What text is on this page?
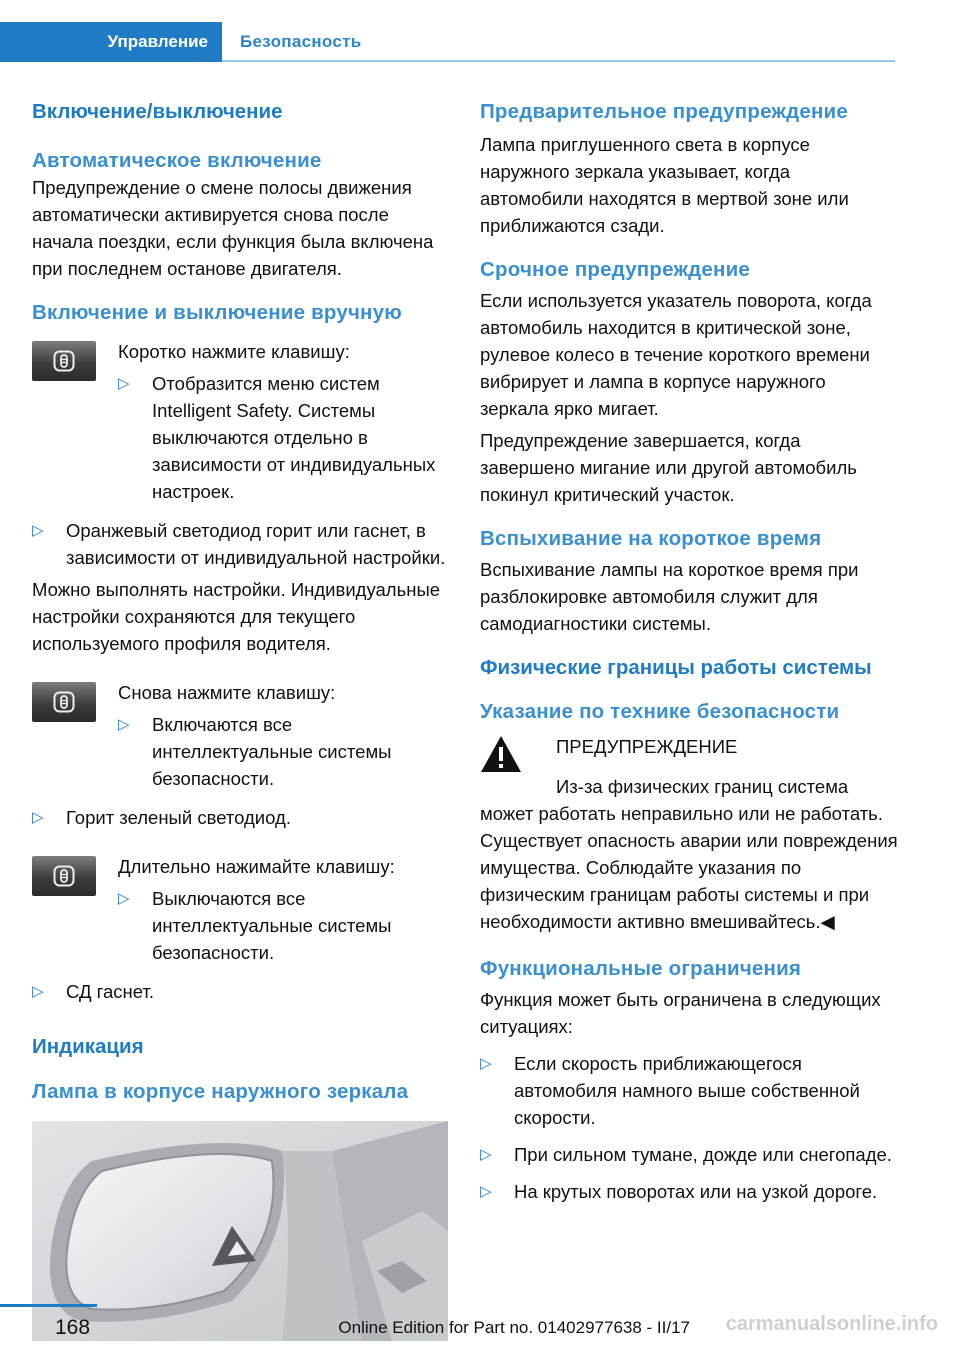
Управление Безопасность
Включение/выключение
Автоматическое включение

Предупреждение о смене полосы движения автоматически активируется снова после начала поездки, если функция была включена при последнем останове двигателя.

Включение и выключение вручную

Коротко нажмите клавишу:

▷	Отобразится меню систем Intelligent Safety. Системы выключаются отдельно в зависимости от индивидуальных настроек.

▷	Оранжевый светодиод горит или гаснет, в зависимости от индивидуальной настройки.

Можно выполнять настройки. Индивидуальные настройки сохраняются для текущего используемого профиля водителя.

Снова нажмите клавишу:

▷	Включаются все интеллектуальные системы безопасности.

▷	Горит зеленый светодиод.

Длительно нажимайте клавишу:

▷	Выключаются все интеллектуальные системы безопасности.

▷	СД гаснет.

Индикация
Лампа в корпусе наружного зеркала
Предварительное предупреждение

Лампа приглушенного света в корпусе наружного зеркала указывает, когда автомобили находятся в мертвой зоне или приближаются сзади.

Срочное предупреждение

Если используется указатель поворота, когда автомобиль находится в критической зоне, рулевое колесо в течение короткого времени вибрирует и лампа в корпусе наружного зеркала ярко мигает.

Предупреждение завершается, когда завершено мигание или другой автомобиль покинул критический участок.

Вспыхивание на короткое время

Вспыхивание лампы на короткое время при разблокировке автомобиля служит для самодиагностики системы.

Физические границы работы системы
Указание по технике безопасности

ПРЕДУПРЕЖДЕНИЕ

Из-за физических границ система может работать неправильно или не работать. Существует опасность аварии или повреждения имущества. Соблюдайте указания по физическим границам работы системы и при необходимости активно вмешивайтесь.◀

Функциональные ограничения

Функция может быть ограничена в следующих ситуациях:

▷	Если скорость приближающегося автомобиля намного выше собственной скорости.

▷	При сильном тумане, дожде или снегопаде.

▷	На крутых поворотах или на узкой дороге.

168	Online Edition for Part no. 01402977638 - II/17 carmanualsonline.info
